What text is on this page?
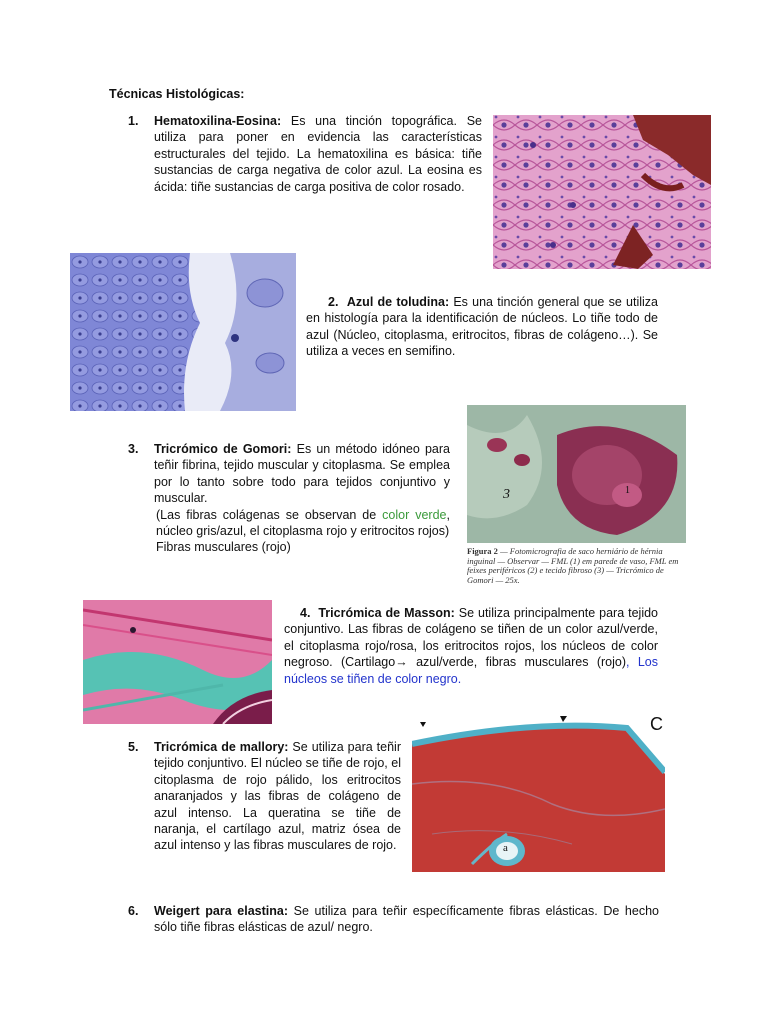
Técnicas Histológicas:
1. Hematoxilina-Eosina: Es una tinción topográfica. Se utiliza para poner en evidencia las características estructurales del tejido. La hematoxilina es básica: tiñe sustancias de carga negativa de color azul. La eosina es ácida: tiñe sustancias de carga positiva de color rosado.
2. Azul de toludina: Es una tinción general que se utiliza en histología para la identificación de núcleos. Lo tiñe todo de azul (Núcleo, citoplasma, eritrocitos, fibras de colágeno…). Se utiliza a veces en semifino.
3	1
Figura 2 — Fotomicrografia de saco herniário de hérnia inguinal — Observar — FML (1) em parede de vaso, FML em feixes periféricos (2) e tecido fibroso (3) — Tricrómico de Gomori — 25x.
3. Tricrómico de Gomori: Es un método idóneo para teñir fibrina, tejido muscular y citoplasma. Se emplea por lo tanto sobre todo para tejidos conjuntivo y muscular.
(Las fibras colágenas se observan de color verde, núcleo gris/azul, el citoplasma rojo y eritrocitos rojos)
Fibras musculares (rojo)
4. Tricrómica de Masson: Se utiliza principalmente para tejido conjuntivo. Las fibras de colágeno se tiñen de un color azul/verde, el citoplasma rojo/rosa, los eritrocitos rojos, los núcleos de color negroso. (Cartilago→ azul/verde, fibras musculares (rojo), Los núcleos se tiñen de color negro.
C
a
5. Tricrómica de mallory: Se utiliza para teñir tejido conjuntivo. El núcleo se tiñe de rojo, el citoplasma de rojo pálido, los eritrocitos anaranjados y las fibras de colágeno de azul intenso. La queratina se tiñe de naranja, el cartílago azul, matriz ósea de azul intenso y las fibras musculares de rojo.
6. Weigert para elastina: Se utiliza para teñir específicamente fibras elásticas. De hecho sólo tiñe fibras elásticas de azul/ negro.
